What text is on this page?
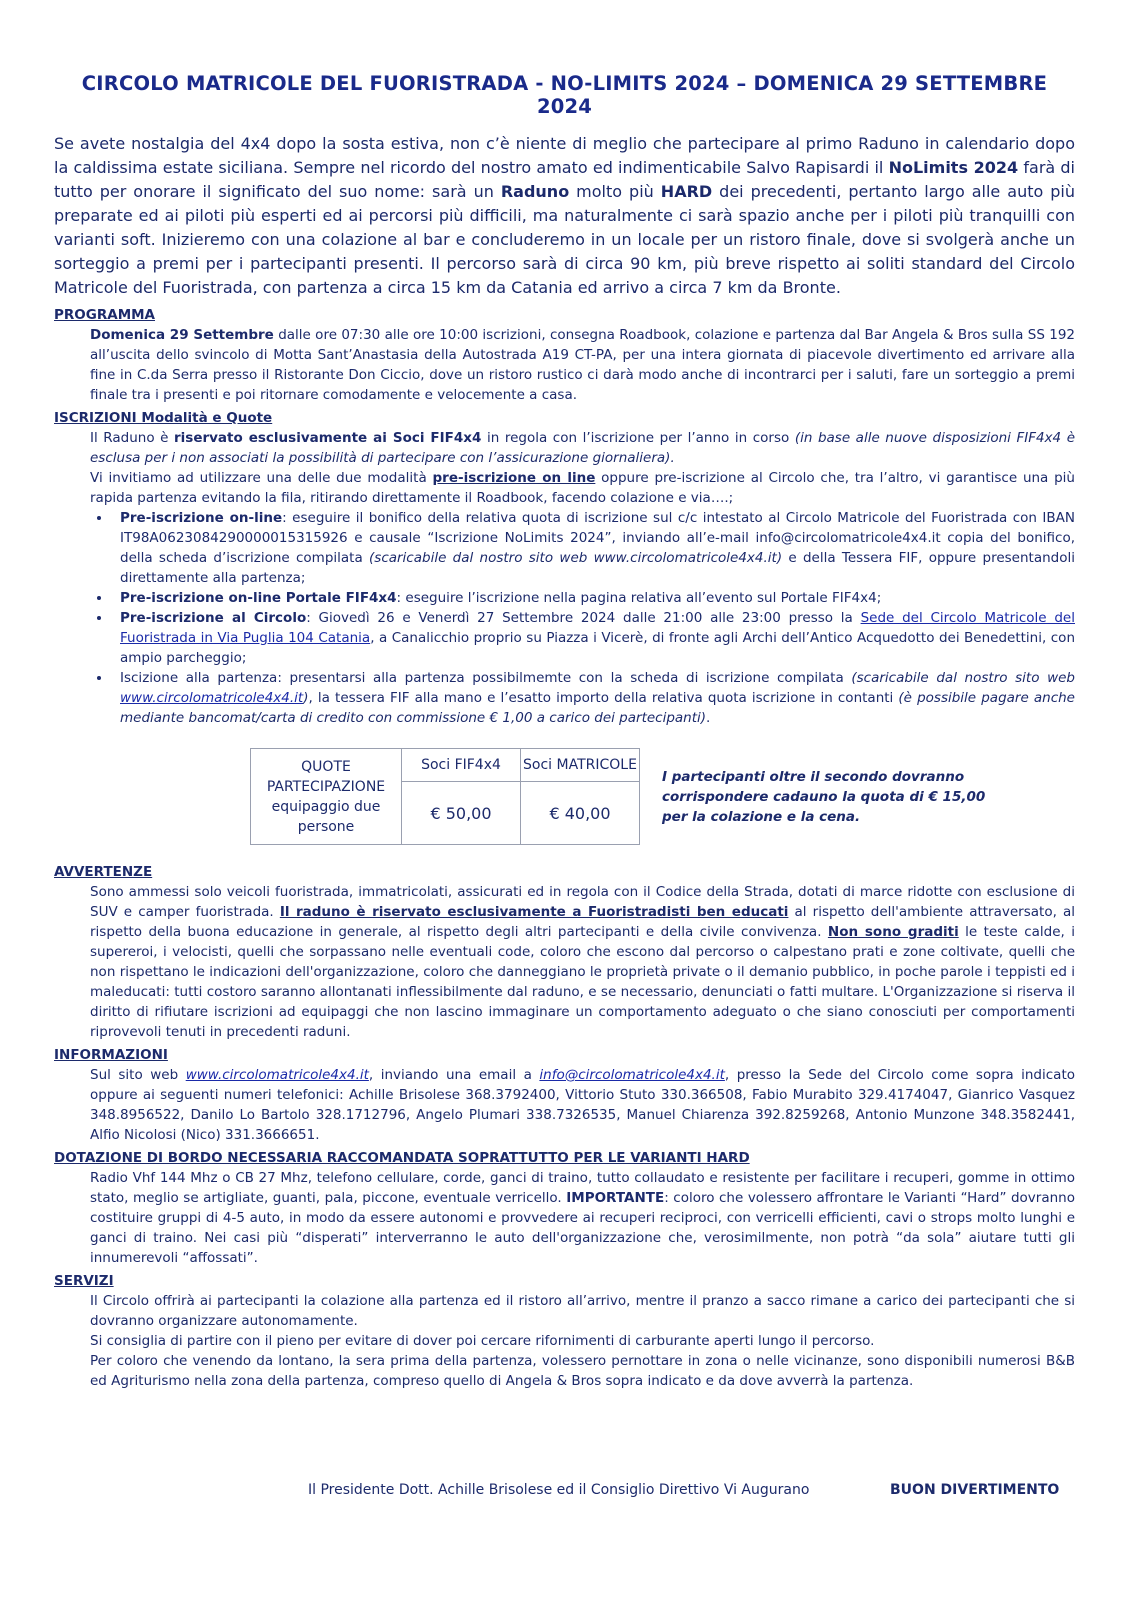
CIRCOLO MATRICOLE DEL FUORISTRADA - NO-LIMITS 2024 – DOMENICA 29 SETTEMBRE 2024

Se avete nostalgia del 4x4 dopo la sosta estiva, non c’è niente di meglio che partecipare al primo Raduno in calendario dopo la caldissima estate siciliana. Sempre nel ricordo del nostro amato ed indimenticabile Salvo Rapisardi il NoLimits 2024 farà di tutto per onorare il significato del suo nome: sarà un Raduno molto più HARD dei precedenti, pertanto largo alle auto più preparate ed ai piloti più esperti ed ai percorsi più difficili, ma naturalmente ci sarà spazio anche per i piloti più tranquilli con varianti soft. Inizieremo con una colazione al bar e concluderemo in un locale per un ristoro finale, dove si svolgerà anche un sorteggio a premi per i partecipanti presenti. Il percorso sarà di circa 90 km, più breve rispetto ai soliti standard del Circolo Matricole del Fuoristrada, con partenza a circa 15 km da Catania ed arrivo a circa 7 km da Bronte.

PROGRAMMA

Domenica 29 Settembre dalle ore 07:30 alle ore 10:00 iscrizioni, consegna Roadbook, colazione e partenza dal Bar Angela & Bros sulla SS 192 all’uscita dello svincolo di Motta Sant’Anastasia della Autostrada A19 CT-PA, per una intera giornata di piacevole divertimento ed arrivare alla fine in C.da Serra presso il Ristorante Don Ciccio, dove un ristoro rustico ci darà modo anche di incontrarci per i saluti, fare un sorteggio a premi finale tra i presenti e poi ritornare comodamente e velocemente a casa.

ISCRIZIONI Modalità e Quote

Il Raduno è riservato esclusivamente ai Soci FIF4x4 in regola con l’iscrizione per l’anno in corso (in base alle nuove disposizioni FIF4x4 è esclusa per i non associati la possibilità di partecipare con l’assicurazione giornaliera).

Vi invitiamo ad utilizzare una delle due modalità pre-iscrizione on line oppure pre-iscrizione al Circolo che, tra l’altro, vi garantisce una più rapida partenza evitando la fila, ritirando direttamente il Roadbook, facendo colazione e via….;

• Pre-iscrizione on-line: eseguire il bonifico della relativa quota di iscrizione sul c/c intestato al Circolo Matricole del Fuoristrada con IBAN IT98A0623084290000015315926 e causale “Iscrizione NoLimits 2024”, inviando all’e-mail info@circolomatricole4x4.it copia del bonifico, della scheda d’iscrizione compilata (scaricabile dal nostro sito web www.circolomatricole4x4.it) e della Tessera FIF, oppure presentandoli direttamente alla partenza;
• Pre-iscrizione on-line Portale FIF4x4: eseguire l’iscrizione nella pagina relativa all’evento sul Portale FIF4x4;
• Pre-iscrizione al Circolo: Giovedì 26 e Venerdì 27 Settembre 2024 dalle 21:00 alle 23:00 presso la Sede del Circolo Matricole del Fuoristrada in Via Puglia 104 Catania, a Canalicchio proprio su Piazza i Vicerè, di fronte agli Archi dell’Antico Acquedotto dei Benedettini, con ampio parcheggio;
• Iscizione alla partenza: presentarsi alla partenza possibilmemte con la scheda di iscrizione compilata (scaricabile dal nostro sito web www.circolomatricole4x4.it), la tessera FIF alla mano e l’esatto importo della relativa quota iscrizione in contanti (è possibile pagare anche mediante bancomat/carta di credito con commissione € 1,00 a carico dei partecipanti).
QUOTE PARTECIPAZIONE equipaggio due persone	Soci FIF4x4	Soci MATRICOLE
	€ 50,00	€ 40,00
I partecipanti oltre il secondo dovranno corrispondere cadauno la quota di € 15,00 per la colazione e la cena.

AVVERTENZE

Sono ammessi solo veicoli fuoristrada, immatricolati, assicurati ed in regola con il Codice della Strada, dotati di marce ridotte con esclusione di SUV e camper fuoristrada. Il raduno è riservato esclusivamente a Fuoristradisti ben educati al rispetto dell'ambiente attraversato, al rispetto della buona educazione in generale, al rispetto degli altri partecipanti e della civile convivenza. Non sono graditi le teste calde, i supereroi, i velocisti, quelli che sorpassano nelle eventuali code, coloro che escono dal percorso o calpestano prati e zone coltivate, quelli che non rispettano le indicazioni dell'organizzazione, coloro che danneggiano le proprietà private o il demanio pubblico, in poche parole i teppisti ed i maleducati: tutti costoro saranno allontanati inflessibilmente dal raduno, e se necessario, denunciati o fatti multare. L'Organizzazione si riserva il diritto di rifiutare iscrizioni ad equipaggi che non lascino immaginare un comportamento adeguato o che siano conosciuti per comportamenti riprovevoli tenuti in precedenti raduni.

INFORMAZIONI

Sul sito web www.circolomatricole4x4.it, inviando una email a info@circolomatricole4x4.it, presso la Sede del Circolo come sopra indicato oppure ai seguenti numeri telefonici: Achille Brisolese 368.3792400, Vittorio Stuto 330.366508, Fabio Murabito 329.4174047, Gianrico Vasquez 348.8956522, Danilo Lo Bartolo 328.1712796, Angelo Plumari 338.7326535, Manuel Chiarenza 392.8259268, Antonio Munzone 348.3582441, Alfio Nicolosi (Nico) 331.3666651.

DOTAZIONE DI BORDO NECESSARIA RACCOMANDATA SOPRATTUTTO PER LE VARIANTI HARD

Radio Vhf 144 Mhz o CB 27 Mhz, telefono cellulare, corde, ganci di traino, tutto collaudato e resistente per facilitare i recuperi, gomme in ottimo stato, meglio se artigliate, guanti, pala, piccone, eventuale verricello. IMPORTANTE: coloro che volessero affrontare le Varianti “Hard” dovranno costituire gruppi di 4-5 auto, in modo da essere autonomi e provvedere ai recuperi reciproci, con verricelli efficienti, cavi o strops molto lunghi e ganci di traino. Nei casi più “disperati” interverranno le auto dell'organizzazione che, verosimilmente, non potrà “da sola” aiutare tutti gli innumerevoli “affossati”.

SERVIZI

Il Circolo offrirà ai partecipanti la colazione alla partenza ed il ristoro all’arrivo, mentre il pranzo a sacco rimane a carico dei partecipanti che si dovranno organizzare autonomamente.

Si consiglia di partire con il pieno per evitare di dover poi cercare rifornimenti di carburante aperti lungo il percorso.

Per coloro che venendo da lontano, la sera prima della partenza, volessero pernottare in zona o nelle vicinanze, sono disponibili numerosi B&B ed Agriturismo nella zona della partenza, compreso quello di Angela & Bros sopra indicato e da dove avverrà la partenza.

Il Presidente Dott. Achille Brisolese ed il Consiglio Direttivo Vi Augurano	BUON DIVERTIMENTO
